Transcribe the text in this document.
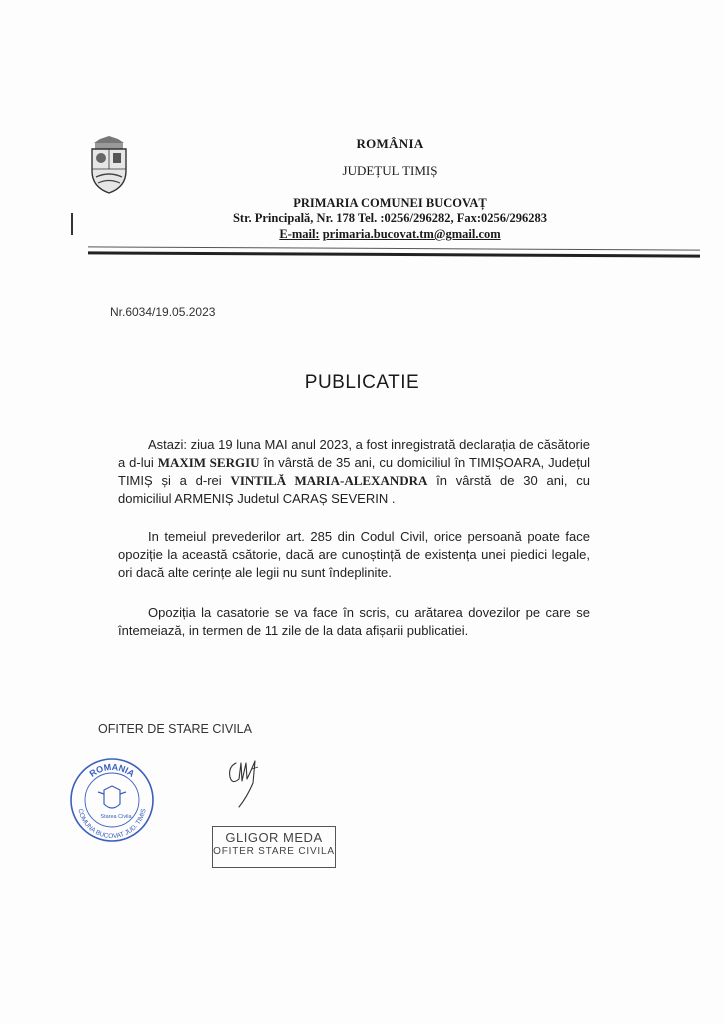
ROMÂNIA
JUDEȚUL TIMIȘ
PRIMARIA COMUNEI BUCOVAȚ
Str. Principală, Nr. 178 Tel. :0256/296282, Fax:0256/296283
E-mail: primaria.bucovat.tm@gmail.com
Nr.6034/19.05.2023
PUBLICATIE
Astazi: ziua 19 luna MAI anul 2023, a fost inregistrată declarația de căsătorie a d-lui MAXIM SERGIU în vârstă de 35 ani, cu domiciliul în TIMIȘOARA, Județul TIMIȘ și a d-rei VINTILĂ MARIA-ALEXANDRA în vârstă de 30 ani, cu domiciliul ARMENIȘ Judetul CARAȘ SEVERIN .
In temeiul prevederilor art. 285 din Codul Civil, orice persoană poate face opoziție la această csătorie, dacă are cunoștință de existența unei piedici legale, ori dacă alte cerințe ale legii nu sunt îndeplinite.
Opoziția la casatorie se va face în scris, cu arătarea dovezilor pe care se întemeiază, in termen de 11 zile de la data afișarii publicatiei.
OFITER DE STARE CIVILA
ROMANIA
COMUNA BUCOVAT JUD. TIMIS
Starea Civila
GLIGOR MEDA
OFITER STARE CIVILA
